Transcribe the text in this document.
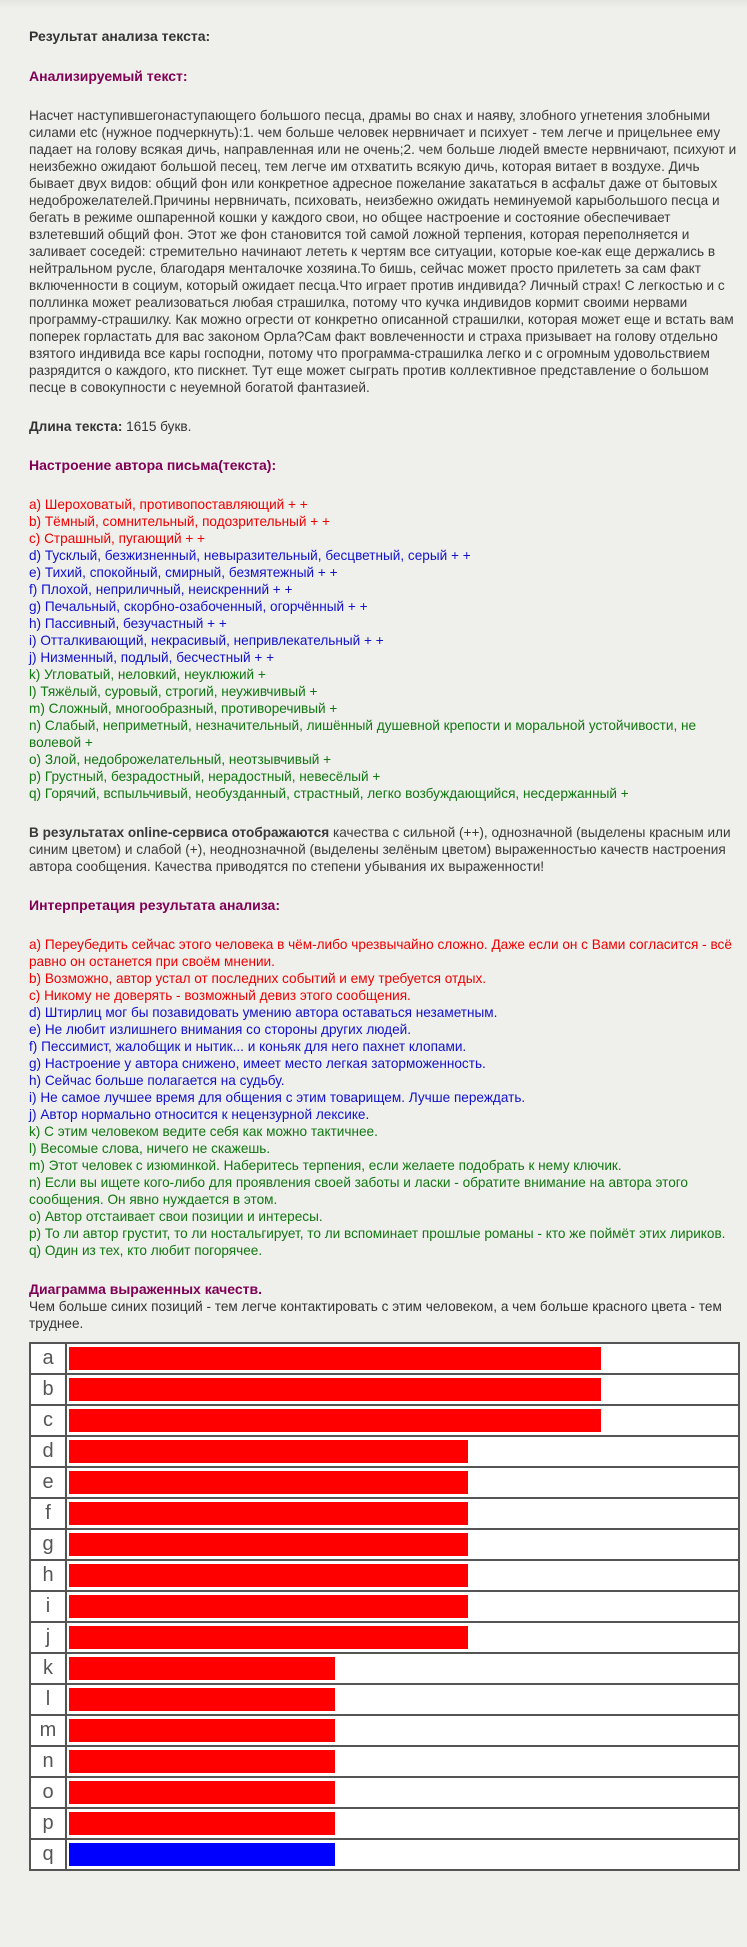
Результат анализа текста:
Анализируемый текст:
Насчет наступившегонаступающего большого песца, драмы во снах и наяву, злобного угнетения злобными силами etc (нужное подчеркнуть):1. чем больше человек нервничает и психует - тем легче и прицельнее ему падает на голову всякая дичь, направленная или не очень;2. чем больше людей вместе нервничают, психуют и неизбежно ожидают большой песец, тем легче им отхватить всякую дичь, которая витает в воздухе. Дичь бывает двух видов: общий фон или конкретное адресное пожелание закататься в асфальт даже от бытовых недоброжелателей.Причины нервничать, психовать, неизбежно ожидать неминуемой карыбольшого песца и бегать в режиме ошпаренной кошки у каждого свои, но общее настроение и состояние обеспечивает взлетевший общий фон. Этот же фон становится той самой ложной терпения, которая переполняется и заливает соседей: стремительно начинают лететь к чертям все ситуации, которые кое-как еще держались в нейтральном русле, благодаря менталочке хозяина.То бишь, сейчас может просто прилететь за сам факт включенности в социум, который ожидает песца.Что играет против индивида? Личный страх! С легкостью и с поллинка может реализоваться любая страшилка, потому что кучка индивидов кормит своими нервами программу-страшилку. Как можно огрести от конкретно описанной страшилки, которая может еще и встать вам поперек горластать для вас законом Орла?Сам факт вовлеченности и страха призывает на голову отдельно взятого индивида все кары господни, потому что программа-страшилка легко и с огромным удовольствием разрядится о каждого, кто пискнет. Тут еще может сыграть против коллективное представление о большом песце в совокупности с неуемной богатой фантазией.
Длина текста: 1615 букв.
Настроение автора письма(текста):
a) Шероховатый, противопоставляющий + +
b) Тёмный, сомнительный, подозрительный + +
c) Страшный, пугающий + +
d) Тусклый, безжизненный, невыразительный, бесцветный, серый + +
e) Тихий, спокойный, смирный, безмятежный + +
f) Плохой, неприличный, неискренний + +
g) Печальный, скорбно-озабоченный, огорчённый + +
h) Пассивный, безучастный + +
i) Отталкивающий, некрасивый, непривлекательный + +
j) Низменный, подлый, бесчестный + +
k) Угловатый, неловкий, неуклюжий +
l) Тяжёлый, суровый, строгий, неуживчивый +
m) Сложный, многообразный, противоречивый +
n) Слабый, неприметный, незначительный, лишённый душевной крепости и моральной устойчивости, не волевой +
o) Злой, недоброжелательный, неотзывчивый +
p) Грустный, безрадостный, нерадостный, невесёлый +
q) Горячий, вспыльчивый, необузданный, страстный, легко возбуждающийся, несдержанный +
В результатах online-сервиса отображаются качества с сильной (++), однозначной (выделены красным или синим цветом) и слабой (+), неоднозначной (выделены зелёным цветом) выраженностью качеств настроения автора сообщения. Качества приводятся по степени убывания их выраженности!
Интерпретация результата анализа:
a) Переубедить сейчас этого человека в чём-либо чрезвычайно сложно. Даже если он с Вами согласится - всё равно он останется при своём мнении.
b) Возможно, автор устал от последних событий и ему требуется отдых.
c) Никому не доверять - возможный девиз этого сообщения.
d) Штирлиц мог бы позавидовать умению автора оставаться незаметным.
e) Не любит излишнего внимания со стороны других людей.
f) Пессимист, жалобщик и нытик... и коньяк для него пахнет клопами.
g) Настроение у автора снижено, имеет место легкая заторможенность.
h) Сейчас больше полагается на судьбу.
i) Не самое лучшее время для общения с этим товарищем. Лучше переждать.
j) Автор нормально относится к нецензурной лексике.
k) С этим человеком ведите себя как можно тактичнее.
l) Весомые слова, ничего не скажешь.
m) Этот человек с изюминкой. Наберитесь терпения, если желаете подобрать к нему ключик.
n) Если вы ищете кого-либо для проявления своей заботы и ласки - обратите внимание на автора этого сообщения. Он явно нуждается в этом.
o) Автор отстаивает свои позиции и интересы.
p) То ли автор грустит, то ли ностальгирует, то ли вспоминает прошлые романы - кто же поймёт этих лириков.
q) Один из тех, кто любит погорячее.
Диаграмма выраженных качеств.
Чем больше синих позиций - тем легче контактировать с этим человеком, а чем больше красного цвета - тем труднее.
a	

b	

c	

d	

e	

f	

g	

h	

i	

j	

k	

l	

m	

n	

o	

p	

q	
